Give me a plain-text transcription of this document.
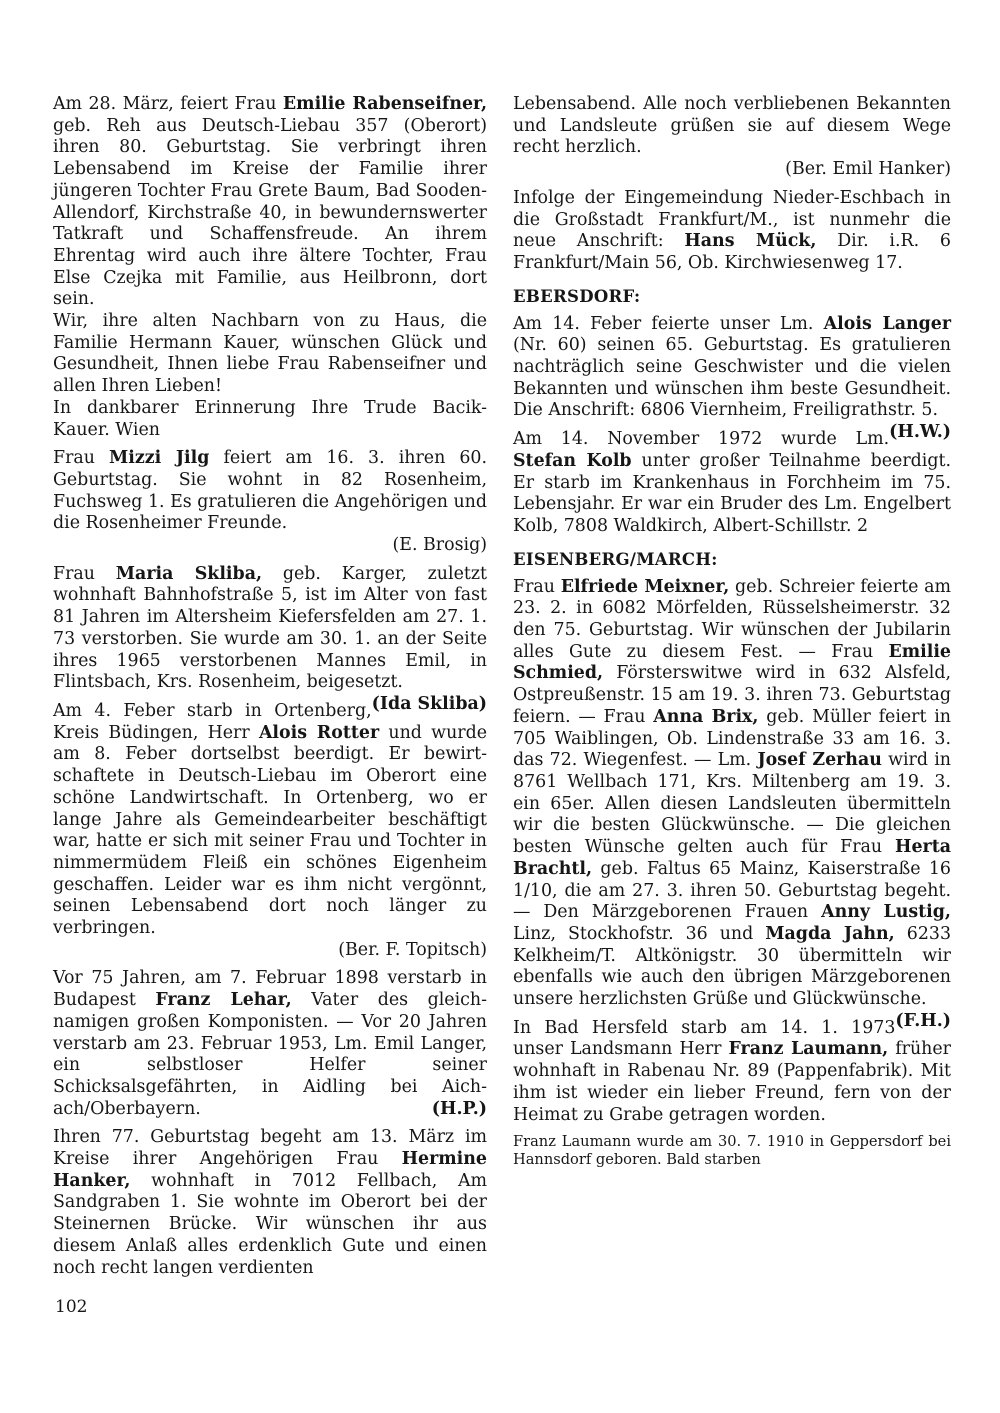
Am 28. März, feiert Frau Emilie Rabenseifner, geb. Reh aus Deutsch-Liebau 357 (Oberort) ihren 80. Geburtstag. Sie verbringt ihren Lebensabend im Kreise der Familie ihrer jüngeren Tochter Frau Grete Baum, Bad Sooden-Allendorf, Kirchstraße 40, in bewundernswerter Tatkraft und Schaffensfreude. An ihrem Ehrentag wird auch ihre ältere Tochter, Frau Else Czejka mit Familie, aus Heilbronn, dort sein.

Wir, ihre alten Nachbarn von zu Haus, die Familie Hermann Kauer, wünschen Glück und Gesundheit, Ihnen liebe Frau Rabenseifner und allen Ihren Lieben!

In dankbarer Erinnerung Ihre Trude Bacik-Kauer. Wien

Frau Mizzi Jilg feiert am 16. 3. ihren 60. Geburtstag. Sie wohnt in 82 Rosenheim, Fuchsweg 1. Es gratulieren die Angehörigen und die Rosenheimer Freunde.

(E. Brosig)

Frau Maria Skliba, geb. Karger, zuletzt wohnhaft Bahnhofstraße 5, ist im Alter von fast 81 Jahren im Altersheim Kiefersfelden am 27. 1. 73 verstorben. Sie wurde am 30. 1. an der Seite ihres 1965 verstorbenen Mannes Emil, in Flintsbach, Krs. Rosenheim, beigesetzt.
(Ida Skliba)

Am 4. Feber starb in Ortenberg, Kreis Büdingen, Herr Alois Rotter und wurde am 8. Feber dortselbst beerdigt. Er bewirtschaftete in Deutsch-Liebau im Oberort eine schöne Landwirtschaft. In Ortenberg, wo er lange Jahre als Gemeindearbeiter beschäftigt war, hatte er sich mit seiner Frau und Tochter in nimmermüdem Fleiß ein schönes Eigenheim geschaffen. Leider war es ihm nicht vergönnt, seinen Lebensabend dort noch länger zu verbringen.

(Ber. F. Topitsch)

Vor 75 Jahren, am 7. Februar 1898 verstarb in Budapest Franz Lehar, Vater des gleichnamigen großen Komponisten. — Vor 20 Jahren verstarb am 23. Februar 1953, Lm. Emil Langer, ein selbstloser Helfer seiner Schicksalsgefährten, in Aidling bei Aichach/Oberbayern.	(H.P.)

Ihren 77. Geburtstag begeht am 13. März im Kreise ihrer Angehörigen Frau Hermine Hanker, wohnhaft in 7012 Fellbach, Am Sandgraben 1. Sie wohnte im Oberort bei der Steinernen Brücke. Wir wünschen ihr aus diesem Anlaß alles erdenklich Gute und einen noch recht langen verdienten

Lebensabend. Alle noch verbliebenen Bekannten und Landsleute grüßen sie auf diesem Wege recht herzlich.

(Ber. Emil Hanker)

Infolge der Eingemeindung Nieder-Eschbach in die Großstadt Frankfurt/M., ist nunmehr die neue Anschrift: Hans Mück, Dir. i.R. 6 Frankfurt/Main 56, Ob. Kirchwiesenweg 17.

EBERSDORF:

Am 14. Feber feierte unser Lm. Alois Langer (Nr. 60) seinen 65. Geburtstag. Es gratulieren nachträglich seine Geschwister und die vielen Bekannten und wünschen ihm beste Gesundheit. Die Anschrift: 6806 Viernheim, Freiligrathstr. 5.
(H.W.)

Am 14. November 1972 wurde Lm. Stefan Kolb unter großer Teilnahme beerdigt. Er starb im Krankenhaus in Forchheim im 75. Lebensjahr. Er war ein Bruder des Lm. Engelbert Kolb, 7808 Waldkirch, Albert-Schillstr. 2

EISENBERG/MARCH:

Frau Elfriede Meixner, geb. Schreier feierte am 23. 2. in 6082 Mörfelden, Rüsselsheimerstr. 32 den 75. Geburtstag. Wir wünschen der Jubilarin alles Gute zu diesem Fest. — Frau Emilie Schmied, Försterswitwe wird in 632 Alsfeld, Ostpreußenstr. 15 am 19. 3. ihren 73. Geburtstag feiern. — Frau Anna Brix, geb. Müller feiert in 705 Waiblingen, Ob. Lindenstraße 33 am 16. 3. das 72. Wiegenfest. — Lm. Josef Zerhau wird in 8761 Wellbach 171, Krs. Miltenberg am 19. 3. ein 65er. Allen diesen Landsleuten übermitteln wir die besten Glückwünsche. — Die gleichen besten Wünsche gelten auch für Frau Herta Brachtl, geb. Faltus 65 Mainz, Kaiserstraße 16 1/10, die am 27. 3. ihren 50. Geburtstag begeht. — Den Märzgeborenen Frauen Anny Lustig, Linz, Stockhofstr. 36 und Magda Jahn, 6233 Kelkheim/T. Altkönigstr. 30 übermitteln wir ebenfalls wie auch den übrigen Märzgeborenen unsere herzlichsten Grüße und Glückwünsche.
(F.H.)

In Bad Hersfeld starb am 14. 1. 1973 unser Landsmann Herr Franz Laumann, früher wohnhaft in Rabenau Nr. 89 (Pappenfabrik). Mit ihm ist wieder ein lieber Freund, fern von der Heimat zu Grabe getragen worden.

Franz Laumann wurde am 30. 7. 1910 in Geppersdorf bei Hannsdorf geboren. Bald starben
102
